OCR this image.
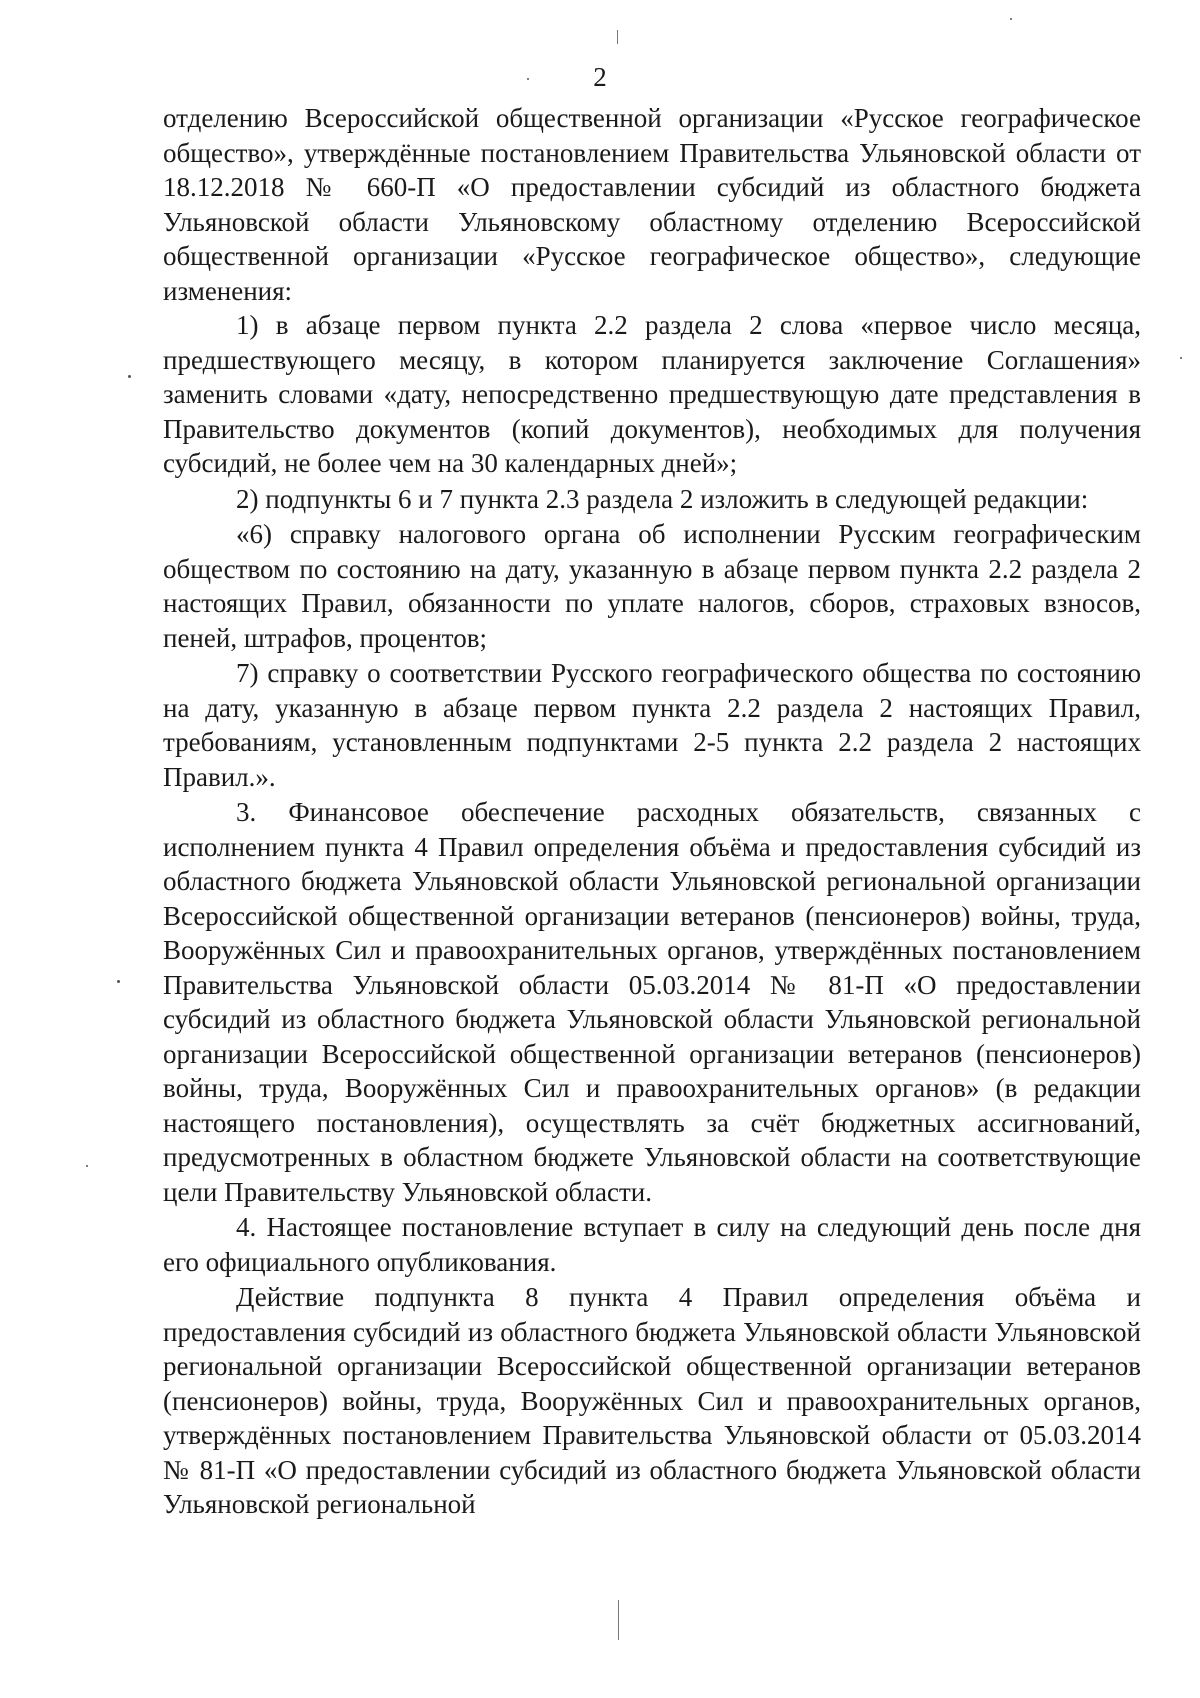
2

отделению Всероссийской общественной организации «Русское географическое общество», утверждённые постановлением Правительства Ульяновской области от 18.12.2018 № 660-П «О предоставлении субсидий из областного бюджета Ульяновской области Ульяновскому областному отделению Всероссийской общественной организации «Русское географическое общество», следующие изменения:

1) в абзаце первом пункта 2.2 раздела 2 слова «первое число месяца, предшествующего месяцу, в котором планируется заключение Соглашения» заменить словами «дату, непосредственно предшествующую дате представления в Правительство документов (копий документов), необходимых для получения субсидий, не более чем на 30 календарных дней»;

2) подпункты 6 и 7 пункта 2.3 раздела 2 изложить в следующей редакции:

«6) справку налогового органа об исполнении Русским географическим обществом по состоянию на дату, указанную в абзаце первом пункта 2.2 раздела 2 настоящих Правил, обязанности по уплате налогов, сборов, страховых взносов, пеней, штрафов, процентов;

7) справку о соответствии Русского географического общества по состоянию на дату, указанную в абзаце первом пункта 2.2 раздела 2 настоящих Правил, требованиям, установленным подпунктами 2-5 пункта 2.2 раздела 2 настоящих Правил.».

3. Финансовое обеспечение расходных обязательств, связанных с исполнением пункта 4 Правил определения объёма и предоставления субсидий из областного бюджета Ульяновской области Ульяновской региональной организации Всероссийской общественной организации ветеранов (пенсионеров) войны, труда, Вооружённых Сил и правоохранительных органов, утверждённых постановлением Правительства Ульяновской области 05.03.2014 № 81-П «О предоставлении субсидий из областного бюджета Ульяновской области Ульяновской региональной организации Всероссийской общественной организации ветеранов (пенсионеров) войны, труда, Вооружённых Сил и правоохранительных органов» (в редакции настоящего постановления), осуществлять за счёт бюджетных ассигнований, предусмотренных в областном бюджете Ульяновской области на соответствующие цели Правительству Ульяновской области.

4. Настоящее постановление вступает в силу на следующий день после дня его официального опубликования.

Действие подпункта 8 пункта 4 Правил определения объёма и предоставления субсидий из областного бюджета Ульяновской области Ульяновской региональной организации Всероссийской общественной организации ветеранов (пенсионеров) войны, труда, Вооружённых Сил и правоохранительных органов, утверждённых постановлением Правительства Ульяновской области от 05.03.2014 № 81-П «О предоставлении субсидий из областного бюджета Ульяновской области Ульяновской региональной
